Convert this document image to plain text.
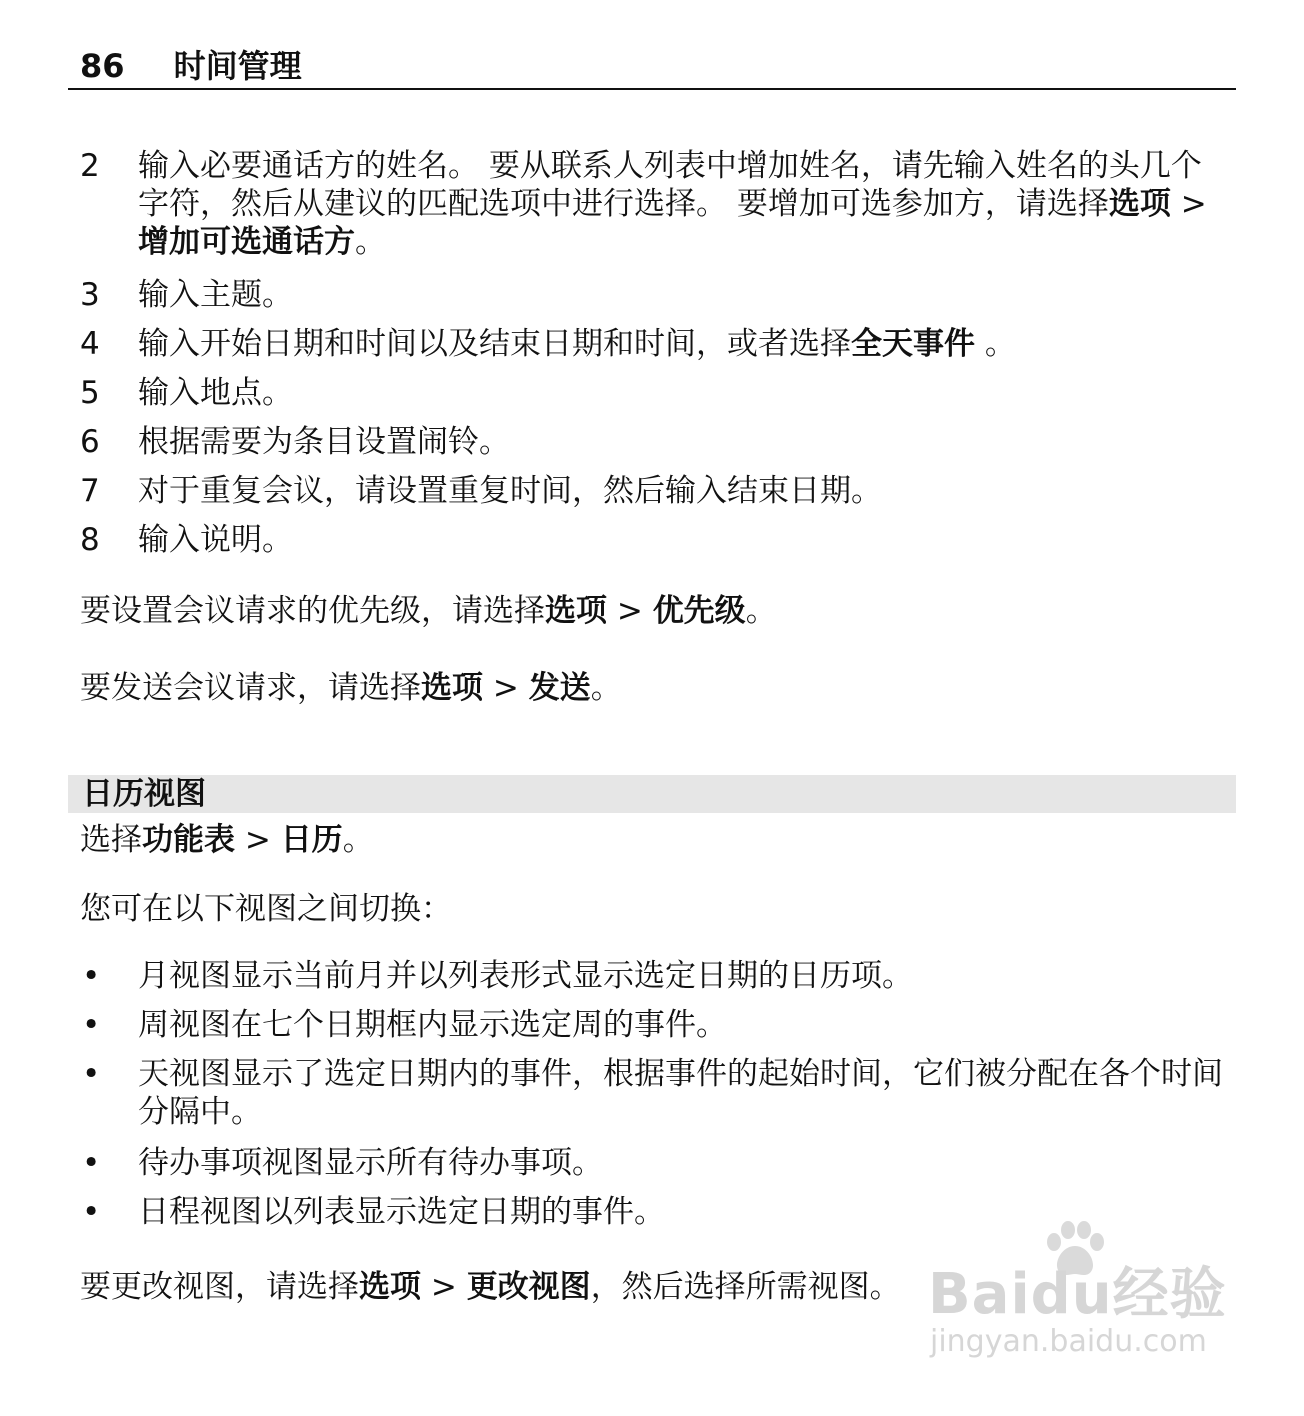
86 时间管理
2	输入必要通话方的姓名。 要从联系人列表中增加姓名，请先输入姓名的头几个字符，然后从建议的匹配选项中进行选择。 要增加可选参加方，请选择选项 > 增加可选通话方。
3	输入主题。
4	输入开始日期和时间以及结束日期和时间，或者选择全天事件 。
5	输入地点。
6	根据需要为条目设置闹铃。
7	对于重复会议，请设置重复时间，然后输入结束日期。
8	输入说明。
要设置会议请求的优先级，请选择选项 > 优先级。
要发送会议请求，请选择选项 > 发送。
日历视图
选择功能表 > 日历。
您可在以下视图之间切换：
• 月视图显示当前月并以列表形式显示选定日期的日历项。
• 周视图在七个日期框内显示选定周的事件。
• 天视图显示了选定日期内的事件，根据事件的起始时间，它们被分配在各个时间分隔中。
• 待办事项视图显示所有待办事项。
• 日程视图以列表显示选定日期的事件。
要更改视图，请选择选项 > 更改视图，然后选择所需视图。 Baidu经验
jingyan.baidu.com
